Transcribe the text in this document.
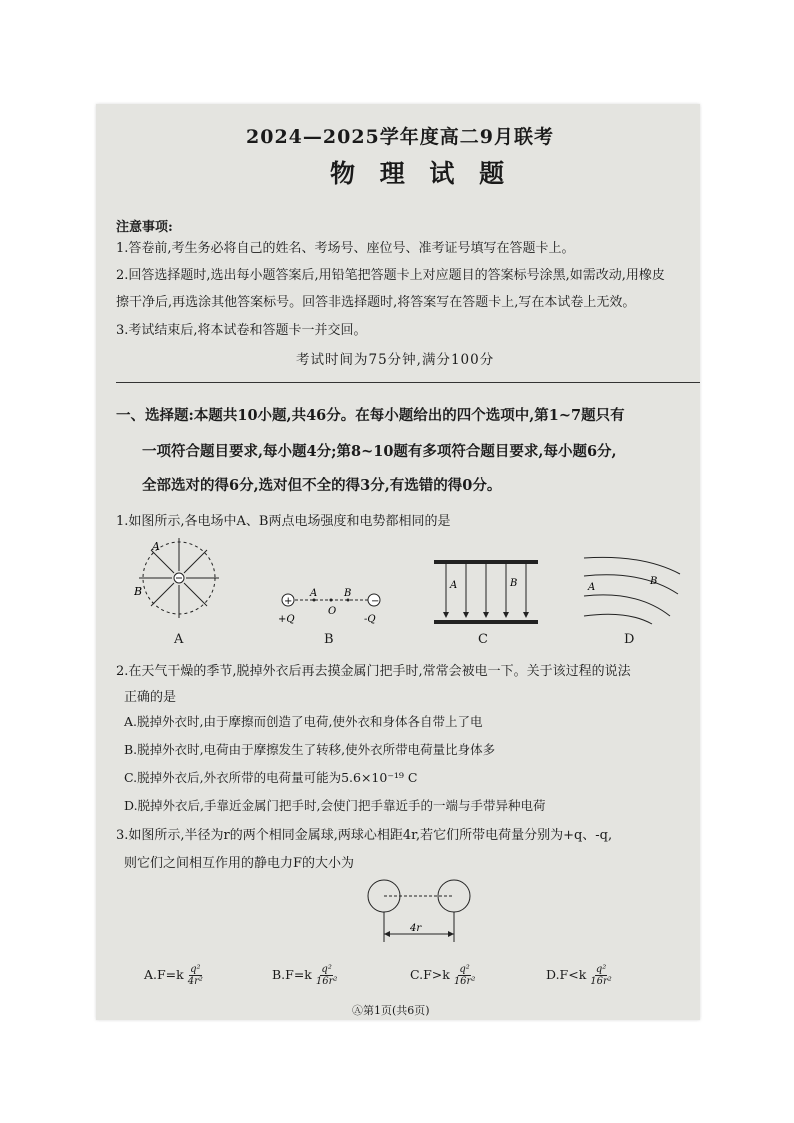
2024—2025学年度高二9月联考
物 理 试 题
注意事项:
1.答卷前,考生务必将自己的姓名、考场号、座位号、准考证号填写在答题卡上。
2.回答选择题时,选出每小题答案后,用铅笔把答题卡上对应题目的答案标号涂黑,如需改动,用橡皮
擦干净后,再选涂其他答案标号。回答非选择题时,将答案写在答题卡上,写在本试卷上无效。
3.考试结束后,将本试卷和答题卡一并交回。
考试时间为75分钟,满分100分
一、选择题:本题共10小题,共46分。在每小题给出的四个选项中,第1~7题只有
一项符合题目要求,每小题4分;第8~10题有多项符合题目要求,每小题6分,
全部选对的得6分,选对但不全的得3分,有选错的得0分。
1.如图所示,各电场中A、B两点电场强度和电势都相同的是
A
B
A
+	−
A
O
B
+Q	-Q
B
A	B
C
A
B
D
2.在天气干燥的季节,脱掉外衣后再去摸金属门把手时,常常会被电一下。关于该过程的说法
正确的是
A.脱掉外衣时,由于摩擦而创造了电荷,使外衣和身体各自带上了电
B.脱掉外衣时,电荷由于摩擦发生了转移,使外衣所带电荷量比身体多
C.脱掉外衣后,外衣所带的电荷量可能为5.6×10⁻¹⁹ C
D.脱掉外衣后,手靠近金属门把手时,会使门把手靠近手的一端与手带异种电荷
3.如图所示,半径为r的两个相同金属球,两球心相距4r,若它们所带电荷量分别为+q、-q,
则它们之间相互作用的静电力F的大小为
4r
$A.F=k \frac{\text{q²}}{\text{4r²}}$	$B.F=k \frac{\text{q²}}{\text{16r²}}$	$C.F>k \frac{\text{q²}}{\text{16r²}}$	$D.F<k \frac{\text{q²}}{\text{16r²}}$
Ⓐ第1页(共6页)
